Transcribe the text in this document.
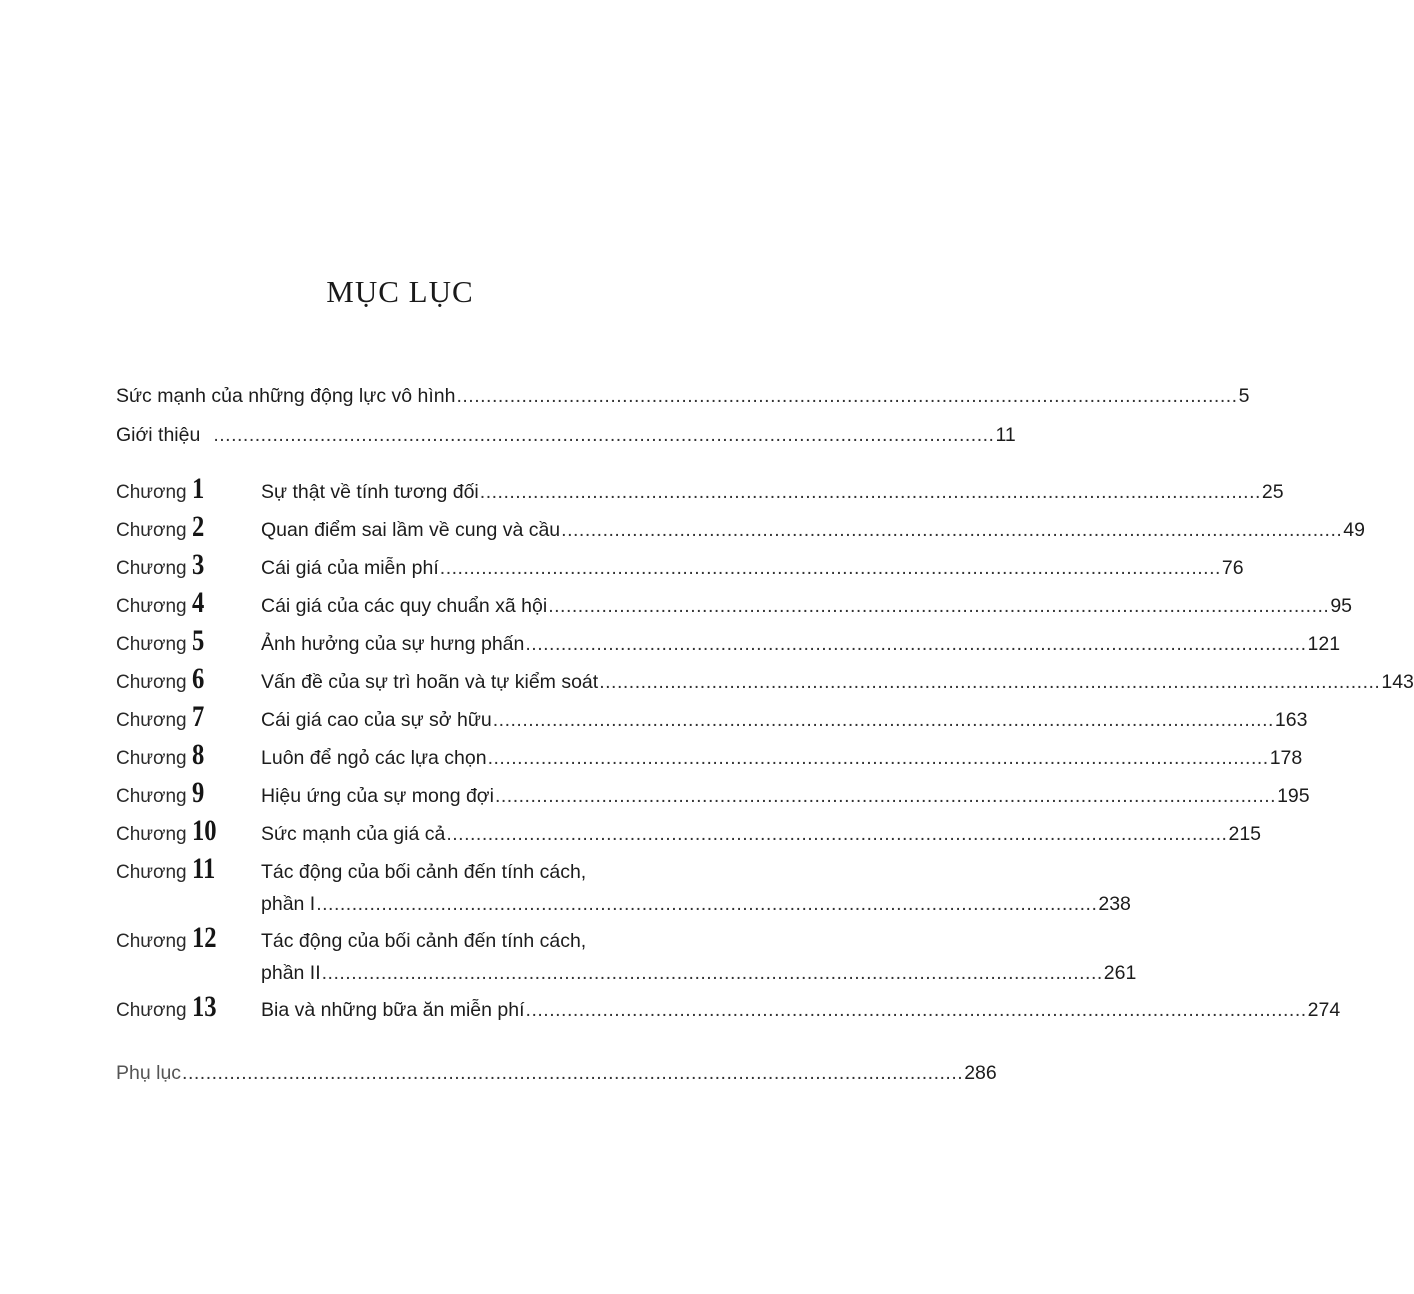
MỤC LỤC
Sức mạnh của những động lực vô hình .................................................................................................................................... 5
Giới thiệu .................................................................................................................................... 11
Chương 1	Sự thật về tính tương đối .................................................................................................................................... 25
Chương 2	Quan điểm sai lầm về cung và cầu .................................................................................................................................... 49
Chương 3	Cái giá của miễn phí .................................................................................................................................... 76
Chương 4	Cái giá của các quy chuẩn xã hội .................................................................................................................................... 95
Chương 5	Ảnh hưởng của sự hưng phấn .................................................................................................................................... 121
Chương 6	Vấn đề của sự trì hoãn và tự kiểm soát .................................................................................................................................... 143
Chương 7	Cái giá cao của sự sở hữu .................................................................................................................................... 163
Chương 8	Luôn để ngỏ các lựa chọn .................................................................................................................................... 178
Chương 9	Hiệu ứng của sự mong đợi .................................................................................................................................... 195
Chương 10 Sức mạnh của giá cả .................................................................................................................................... 215
Chương 11 Tác động của bối cảnh đến tính cách,
phần I .................................................................................................................................... 238
Chương 12 Tác động của bối cảnh đến tính cách,
phần II .................................................................................................................................... 261
Chương 13 Bia và những bữa ăn miễn phí .................................................................................................................................... 274
Phụ lục .................................................................................................................................... 286
